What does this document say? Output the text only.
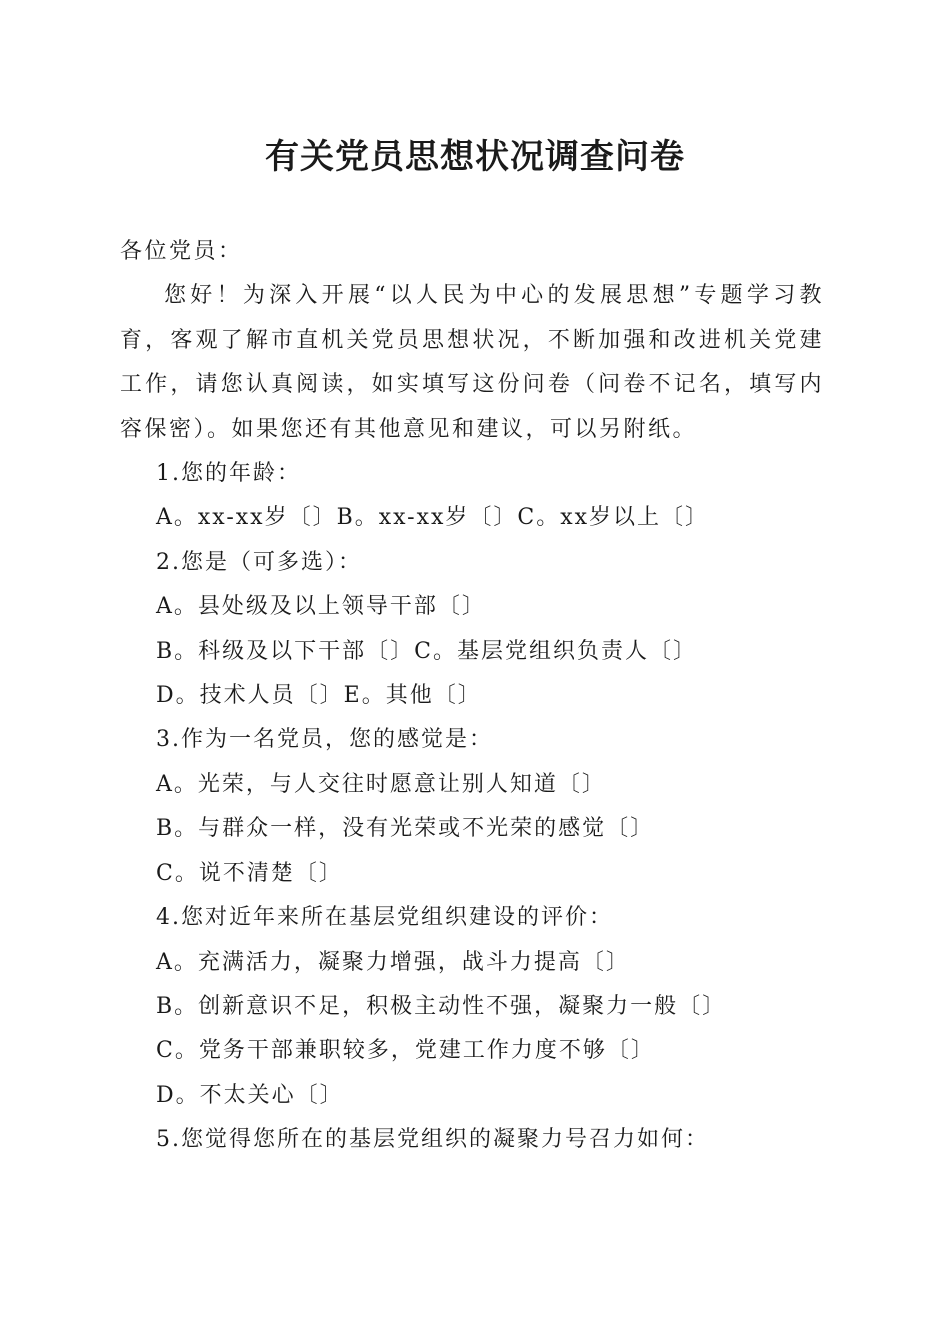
有关党员思想状况调查问卷

各位党员：

您好！为深入开展“以人民为中心的发展思想”专题学习教育，客观了解市直机关党员思想状况，不断加强和改进机关党建工作，请您认真阅读，如实填写这份问卷（问卷不记名，填写内容保密）。如果您还有其他意见和建议，可以另附纸。

1.您的年龄：

A。xx-xx岁〔〕B。xx-xx岁〔〕C。xx岁以上〔〕

2.您是（可多选）：

A。县处级及以上领导干部〔〕

B。科级及以下干部〔〕C。基层党组织负责人〔〕

D。技术人员〔〕E。其他〔〕

3.作为一名党员，您的感觉是：

A。光荣，与人交往时愿意让别人知道〔〕

B。与群众一样，没有光荣或不光荣的感觉〔〕

C。说不清楚〔〕

4.您对近年来所在基层党组织建设的评价：

A。充满活力，凝聚力增强，战斗力提高〔〕

B。创新意识不足，积极主动性不强，凝聚力一般〔〕

C。党务干部兼职较多，党建工作力度不够〔〕

D。不太关心〔〕

5.您觉得您所在的基层党组织的凝聚力号召力如何：
